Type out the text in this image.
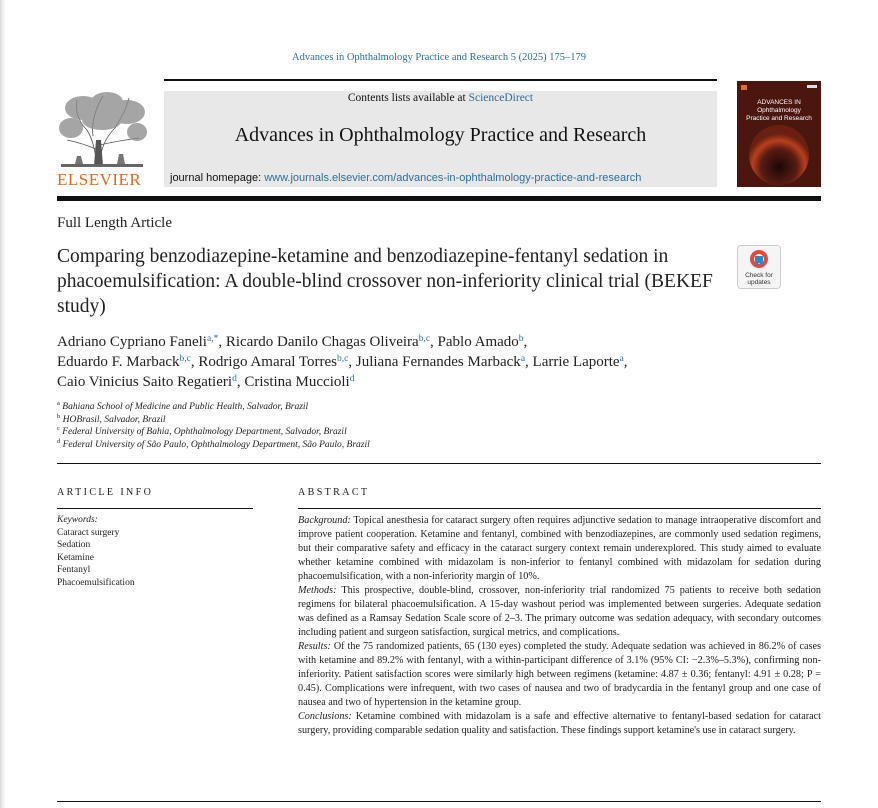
Advances in Ophthalmology Practice and Research 5 (2025) 175–179
ELSEVIER
Contents lists available at ScienceDirect
Advances in Ophthalmology Practice and Research
journal homepage: www.journals.elsevier.com/advances-in-ophthalmology-practice-and-research
ADVANCES IN
Ophthalmology
Practice and Research
Full Length Article
Comparing benzodiazepine-ketamine and benzodiazepine-fentanyl sedation in phacoemulsification: A double-blind crossover non-inferiority clinical trial (BEKEF study)
Check for
updates
Adriano Cypriano Faneli$^{a,*}$, Ricardo Danilo Chagas Oliveira$^{b,c}$, Pablo Amado$^b$,
Eduardo F. Marback$^{b,c}$, Rodrigo Amaral Torres$^{b,c}$, Juliana Fernandes Marback$^a$, Larrie Laporte$^a$,
Caio Vinicius Saito Regatieri$^d$, Cristina Muccioli$^d$
$^a$ Bahiana School of Medicine and Public Health, Salvador, Brazil
$^b$ HOBrasil, Salvador, Brazil
$^c$ Federal University of Bahia, Ophthalmology Department, Salvador, Brazil
$^d$ Federal University of São Paulo, Ophthalmology Department, São Paulo, Brazil
ARTICLE INFO	ABSTRACT
Keywords:
Cataract surgery
Sedation
Ketamine
Fentanyl
Phacoemulsification

Background: Topical anesthesia for cataract surgery often requires adjunctive sedation to manage intraoperative discomfort and improve patient cooperation. Ketamine and fentanyl, combined with benzodiazepines, are commonly used sedation regimens, but their comparative safety and efficacy in the cataract surgery context remain underexplored. This study aimed to evaluate whether ketamine combined with midazolam is non-inferior to fentanyl combined with midazolam for sedation during phacoemulsification, with a non-inferiority margin of 10%.

Methods: This prospective, double-blind, crossover, non-inferiority trial randomized 75 patients to receive both sedation regimens for bilateral phacoemulsification. A 15-day washout period was implemented between surgeries. Adequate sedation was defined as a Ramsay Sedation Scale score of 2–3. The primary outcome was sedation adequacy, with secondary outcomes including patient and surgeon satisfaction, surgical metrics, and complications.

Results: Of the 75 randomized patients, 65 (130 eyes) completed the study. Adequate sedation was achieved in 86.2% of cases with ketamine and 89.2% with fentanyl, with a within-participant difference of 3.1% (95% CI: −2.3%–5.3%), confirming non-inferiority. Patient satisfaction scores were similarly high between regimens (ketamine: 4.87 ± 0.36; fentanyl: 4.91 ± 0.28; P = 0.45). Complications were infrequent, with two cases of nausea and two of bradycardia in the fentanyl group and one case of nausea and two of hypertension in the ketamine group.

Conclusions: Ketamine combined with midazolam is a safe and effective alternative to fentanyl-based sedation for cataract surgery, providing comparable sedation quality and satisfaction. These findings support ketamine's use in cataract surgery.
